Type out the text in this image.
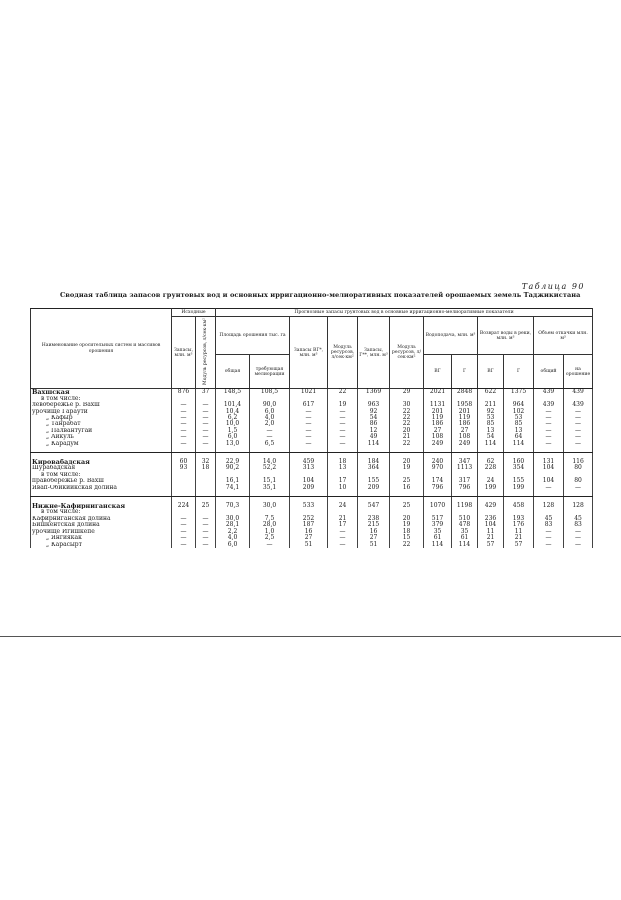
Таблица 90
Сводная таблица запасов грунтовых вод и основных ирригационно-мелиоративных показателей орошаемых земель Таджикистана
Наименование оросительных систем и массивов орошения	Исходные		Прогнозные запасы грунтовых вод в основные ирригационно-мелиоративные показатели											
	Запасы, млн. м³	Модуль ресурсов, л/сек·км²	Площадь орошения тыс. га		Запасы ВГ*, млн. м³	Модуль ресурсов, л/сек·км²	Запасы, Г**, млн. м³	Модуль ресурсов, л/сек·км²	Водоподача, млн. м³		Возврат воды в реки, млн. м³		Объем откачки млн. м³	
			общая	требующая мелиорации					ВГ	Г	ВГ	Г	общий	на орошение
Вахшская	876	37	148,5	108,5	1021	22	1369	29	2021	2848	622	1375	439	439
в том числе:														
левобережье р. Вахш	—	—	101,4	90,0	617	19	963	30	1131	1958	211	964	439	439
урочище Гараути	—	—	10,4	6,0	—	—	92	22	201	201	92	102	—	—
„ Кафыр	—	—	6,2	4,0	—	—	54	22	119	119	53	53	—	—
„ Танрабат	—	—	10,0	2,0	—	—	86	22	186	186	85	85	—	—
„ Палвантугай	—	—	1,5	—	—	—	12	20	27	27	13	13	—	—
„ Айкуль	—	—	6,0	—	—	—	49	21	108	108	54	64	—	—
„ Карадум	—	—	13,0	6,5	—	—	114	22	249	249	114	114	—	—

Кировабадская	60	32	22,9	14,0	459	18	184	20	240	347	62	160	131	116
Шурабадская	93	18	90,2	52,2	313	13	364	19	970	1113	228	354	104	80
в том числе:														
правобережье р. Вахш			16,1	15,1	104	17	155	25	174	317	24	155	104	80
Явап-Обикиикская долина			74,1	35,1	209	10	209	16	796	796	199	199	—	—

Нижне-Кафирниганская	224	25	70,3	30,0	533	24	547	25	1070	1198	429	458	128	128
в том числе:														
Кафирниганская долина	—	—	30,0	7,5	252	21	238	20	517	510	236	193	45	45
Бишкентская долина	—	—	28,1	28,0	187	17	215	19	379	478	104	176	83	83
урочище Игишкепе	—	—	2,2	1,0	16	—	16	18	35	35	11	11	—	—
„ Янгиякак	—	—	4,0	2,5	27	—	27	15	61	61	21	21	—	—
„ Карасырт	—	—	6,0	—	51	—	51	22	114	114	57	57	—	—
